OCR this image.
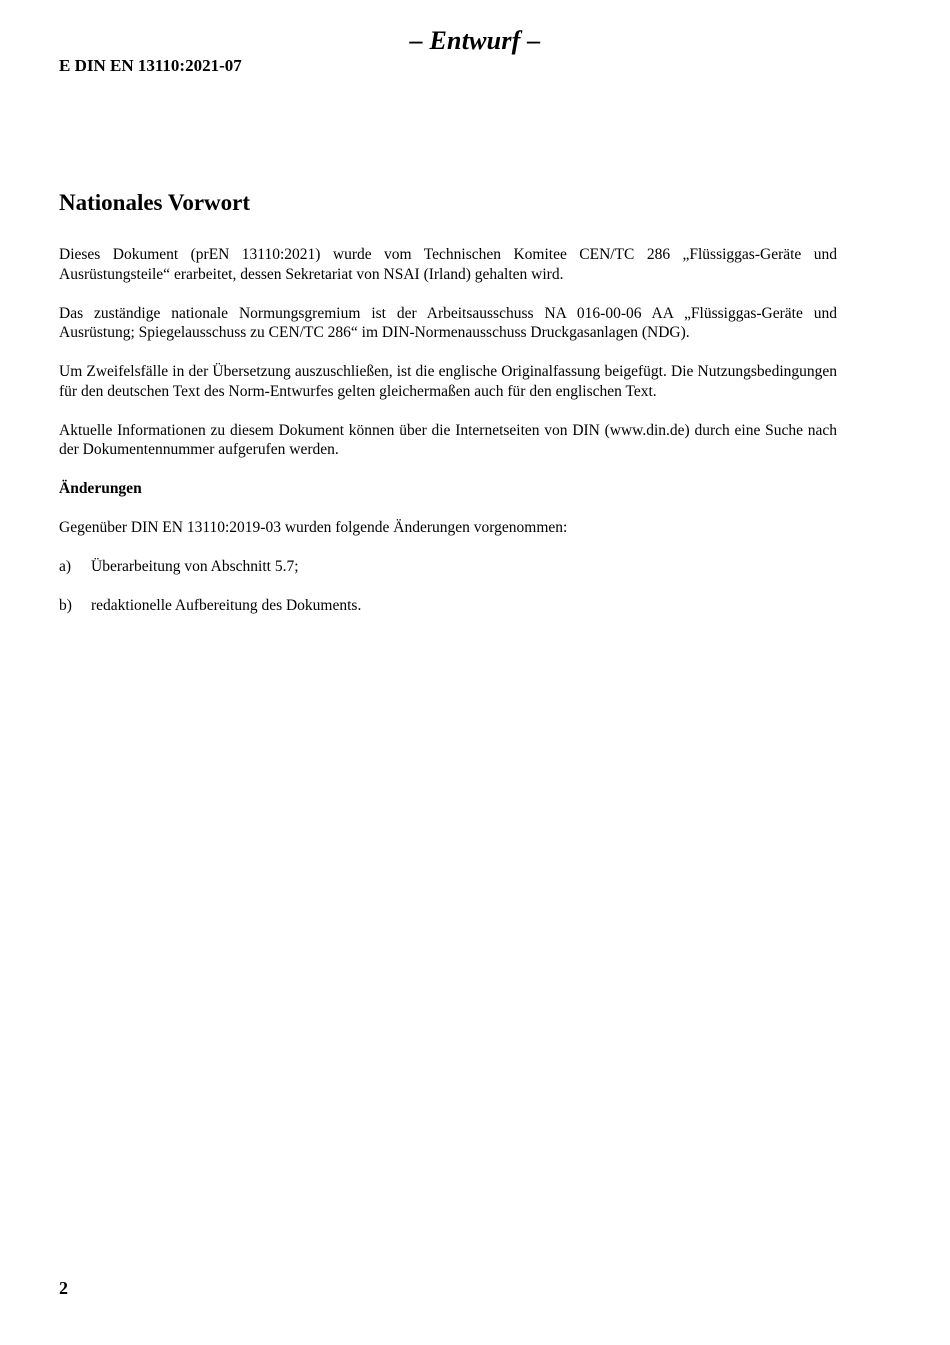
– Entwurf –
E DIN EN 13110:2021-07
Nationales Vorwort

Dieses Dokument (prEN 13110:2021) wurde vom Technischen Komitee CEN/TC 286 „Flüssiggas-Geräte und Ausrüstungsteile“ erarbeitet, dessen Sekretariat von NSAI (Irland) gehalten wird.

Das zuständige nationale Normungsgremium ist der Arbeitsausschuss NA 016-00-06 AA „Flüssiggas-Geräte und Ausrüstung; Spiegelausschuss zu CEN/TC 286“ im DIN-Normenausschuss Druckgasanlagen (NDG).

Um Zweifelsfälle in der Übersetzung auszuschließen, ist die englische Originalfassung beigefügt. Die Nutzungsbedingungen für den deutschen Text des Norm-Entwurfes gelten gleichermaßen auch für den englischen Text.

Aktuelle Informationen zu diesem Dokument können über die Internetseiten von DIN (www.din.de) durch eine Suche nach der Dokumentennummer aufgerufen werden.

Änderungen

Gegenüber DIN EN 13110:2019-03 wurden folgende Änderungen vorgenommen:

a)	Überarbeitung von Abschnitt 5.7;
b)	redaktionelle Aufbereitung des Dokuments.
2
